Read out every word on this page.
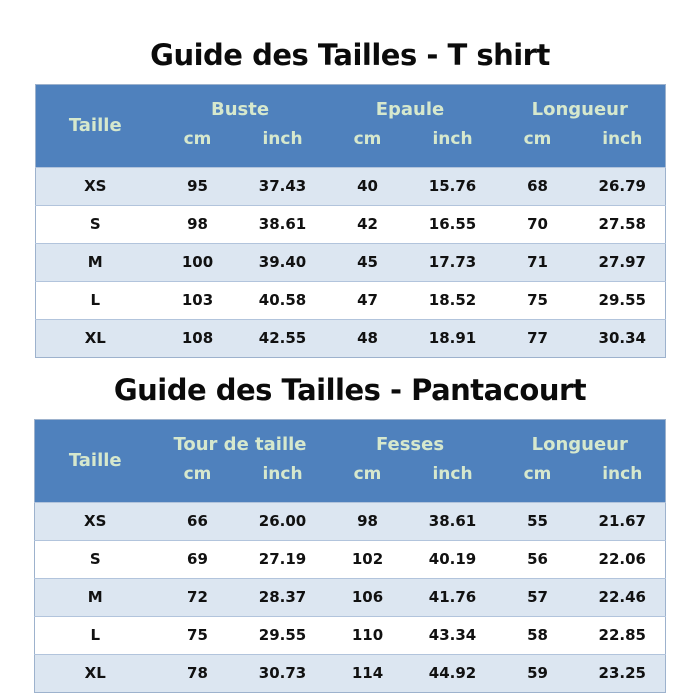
Guide des Tailles - T shirt
Taille	Buste		Epaule		Longueur	
	cm	inch	cm	inch	cm	inch
XS	95	37.43	40	15.76	68	26.79
S	98	38.61	42	16.55	70	27.58
M	100	39.40	45	17.73	71	27.97
L	103	40.58	47	18.52	75	29.55
XL	108	42.55	48	18.91	77	30.34
Guide des Tailles - Pantacourt
Taille	Tour de taille		Fesses		Longueur	
	cm	inch	cm	inch	cm	inch
XS	66	26.00	98	38.61	55	21.67
S	69	27.19	102	40.19	56	22.06
M	72	28.37	106	41.76	57	22.46
L	75	29.55	110	43.34	58	22.85
XL	78	30.73	114	44.92	59	23.25
